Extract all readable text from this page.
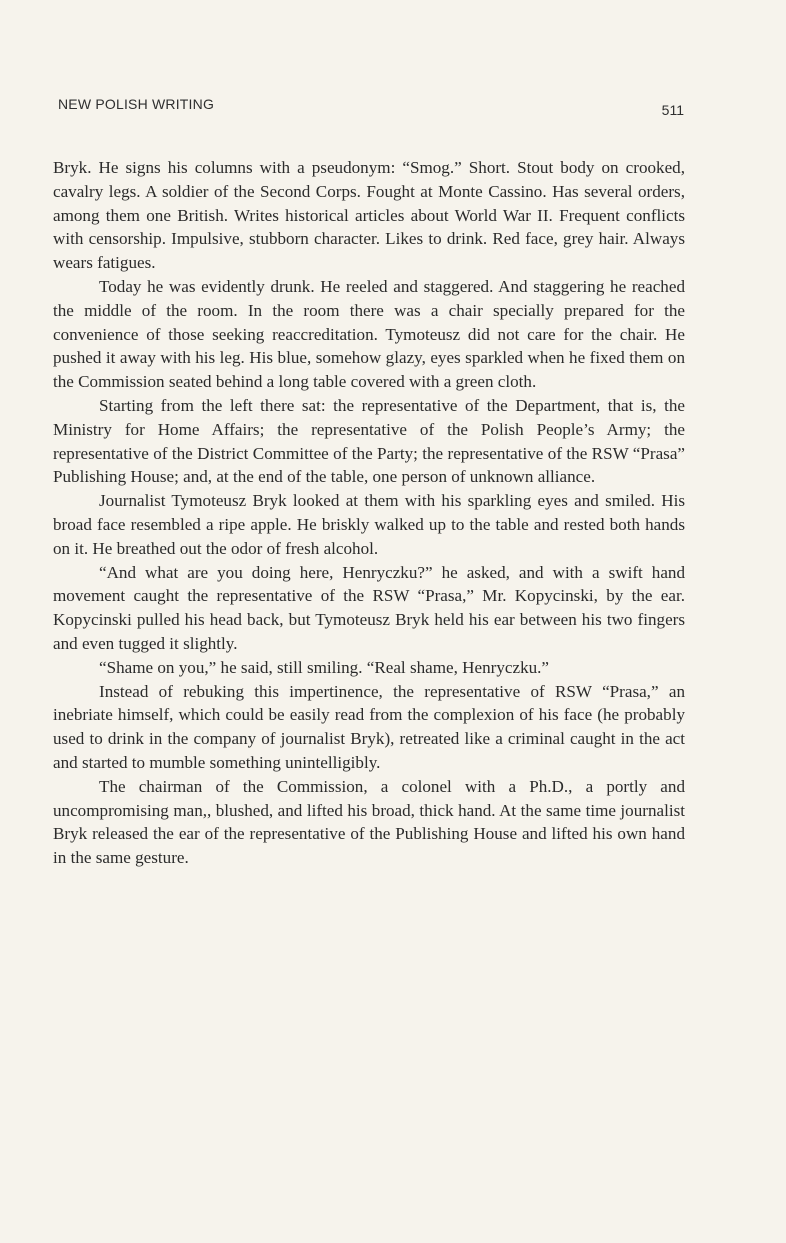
NEW POLISH WRITING	511

Bryk. He signs his columns with a pseudonym: “Smog.” Short. Stout body on crooked, cavalry legs. A soldier of the Second Corps. Fought at Monte Cassino. Has several orders, among them one British. Writes historical articles about World War II. Frequent conflicts with censorship. Impulsive, stubborn character. Likes to drink. Red face, grey hair. Always wears fatigues.

Today he was evidently drunk. He reeled and staggered. And staggering he reached the middle of the room. In the room there was a chair specially prepared for the convenience of those seeking reaccreditation. Tymoteusz did not care for the chair. He pushed it away with his leg. His blue, somehow glazy, eyes sparkled when he fixed them on the Commission seated behind a long table covered with a green cloth.

Starting from the left there sat: the representative of the Department, that is, the Ministry for Home Affairs; the representative of the Polish People’s Army; the representative of the District Committee of the Party; the representative of the RSW “Prasa” Publishing House; and, at the end of the table, one person of unknown alliance.

Journalist Tymoteusz Bryk looked at them with his sparkling eyes and smiled. His broad face resembled a ripe apple. He briskly walked up to the table and rested both hands on it. He breathed out the odor of fresh alcohol.

“And what are you doing here, Henryczku?” he asked, and with a swift hand movement caught the representative of the RSW “Prasa,” Mr. Kopycinski, by the ear. Kopycinski pulled his head back, but Tymoteusz Bryk held his ear between his two fingers and even tugged it slightly.

“Shame on you,” he said, still smiling. “Real shame, Henryczku.”

Instead of rebuking this impertinence, the representative of RSW “Prasa,” an inebriate himself, which could be easily read from the complexion of his face (he probably used to drink in the company of journalist Bryk), retreated like a criminal caught in the act and started to mumble something unintelligibly.

The chairman of the Commission, a colonel with a Ph.D., a portly and uncompromising man,, blushed, and lifted his broad, thick hand. At the same time journalist Bryk released the ear of the representative of the Publishing House and lifted his own hand in the same gesture.
